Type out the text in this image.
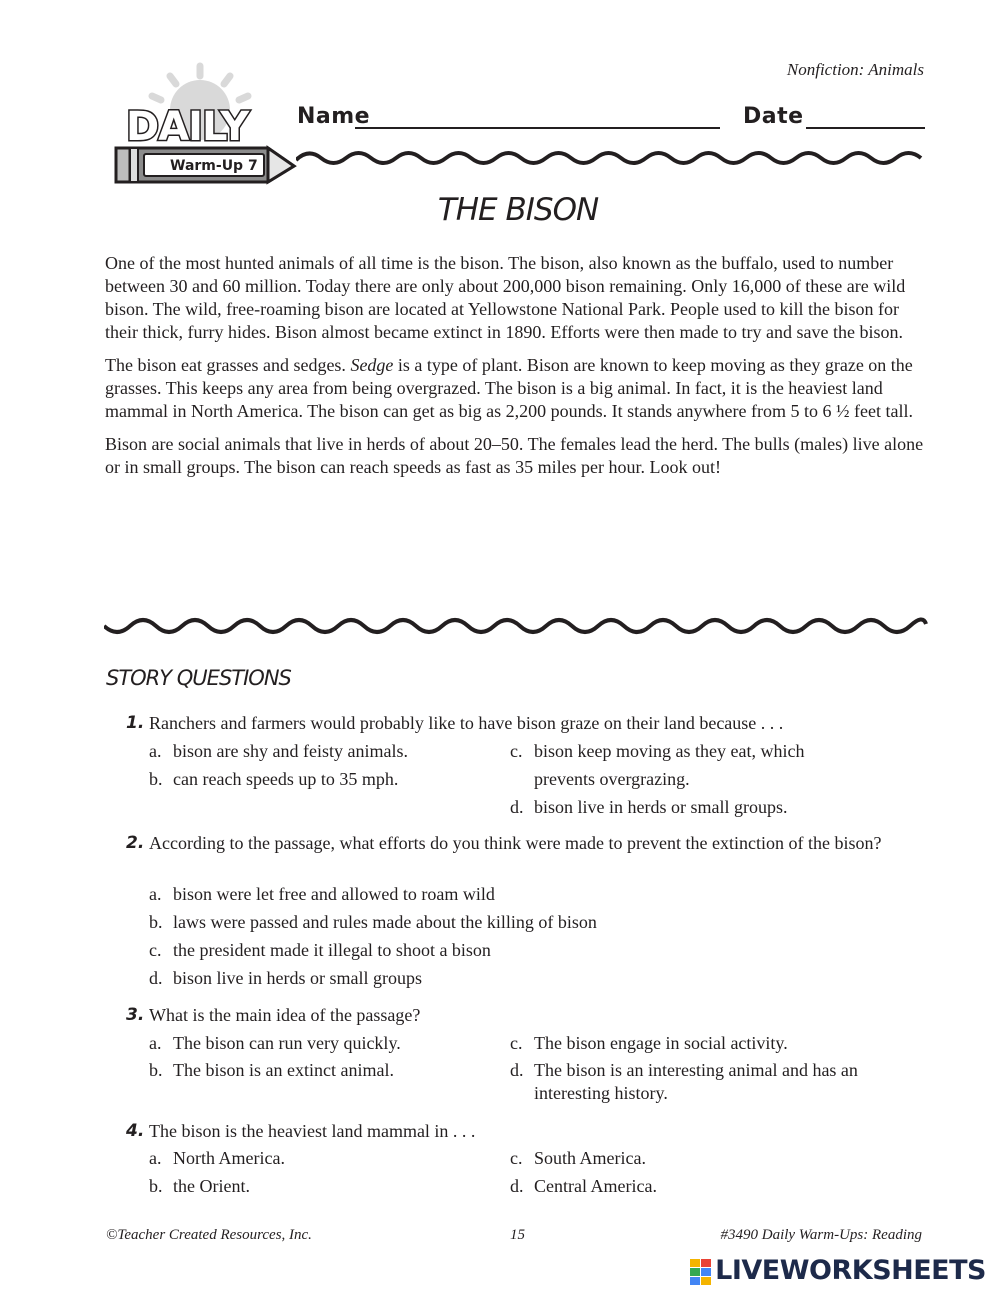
Nonfiction: Animals
Warm-Up 7
DAILY Name	Date
THE BISON

One of the most hunted animals of all time is the bison. The bison, also known as the buffalo, used to number between 30 and 60 million. Today there are only about 200,000 bison remaining. Only 16,000 of these are wild bison. The wild, free-roaming bison are located at Yellowstone National Park. People used to kill the bison for their thick, furry hides. Bison almost became extinct in 1890. Efforts were then made to try and save the bison.

The bison eat grasses and sedges. Sedge is a type of plant. Bison are known to keep moving as they graze on the grasses. This keeps any area from being overgrazed. The bison is a big animal. In fact, it is the heaviest land mammal in North America. The bison can get as big as 2,200 pounds. It stands anywhere from 5 to 6 ½ feet tall.

Bison are social animals that live in herds of about 20–50. The females lead the herd. The bulls (males) live alone or in small groups. The bison can reach speeds as fast as 35 miles per hour. Look out!

STORY QUESTIONS
1. Ranchers and farmers would probably like to have bison graze on their land because . . .
a. bison are shy and feisty animals.
b. can reach speeds up to 35 mph.
c. bison keep moving as they eat, which
prevents overgrazing.
d. bison live in herds or small groups.
2. According to the passage, what efforts do you think were made to prevent the extinction of the bison?
a. bison were let free and allowed to roam wild
b. laws were passed and rules made about the killing of bison
c. the president made it illegal to shoot a bison
d. bison live in herds or small groups
3. What is the main idea of the passage?
a. The bison can run very quickly.
b. The bison is an extinct animal.
c. The bison engage in social activity.
d. The bison is an interesting animal and has an
interesting history.
4. The bison is the heaviest land mammal in . . .
a. North America.
b. the Orient.
c. South America.
d. Central America.
©Teacher Created Resources, Inc.	15	#3490 Daily Warm-Ups: Reading
LIVEWORKSHEETS
